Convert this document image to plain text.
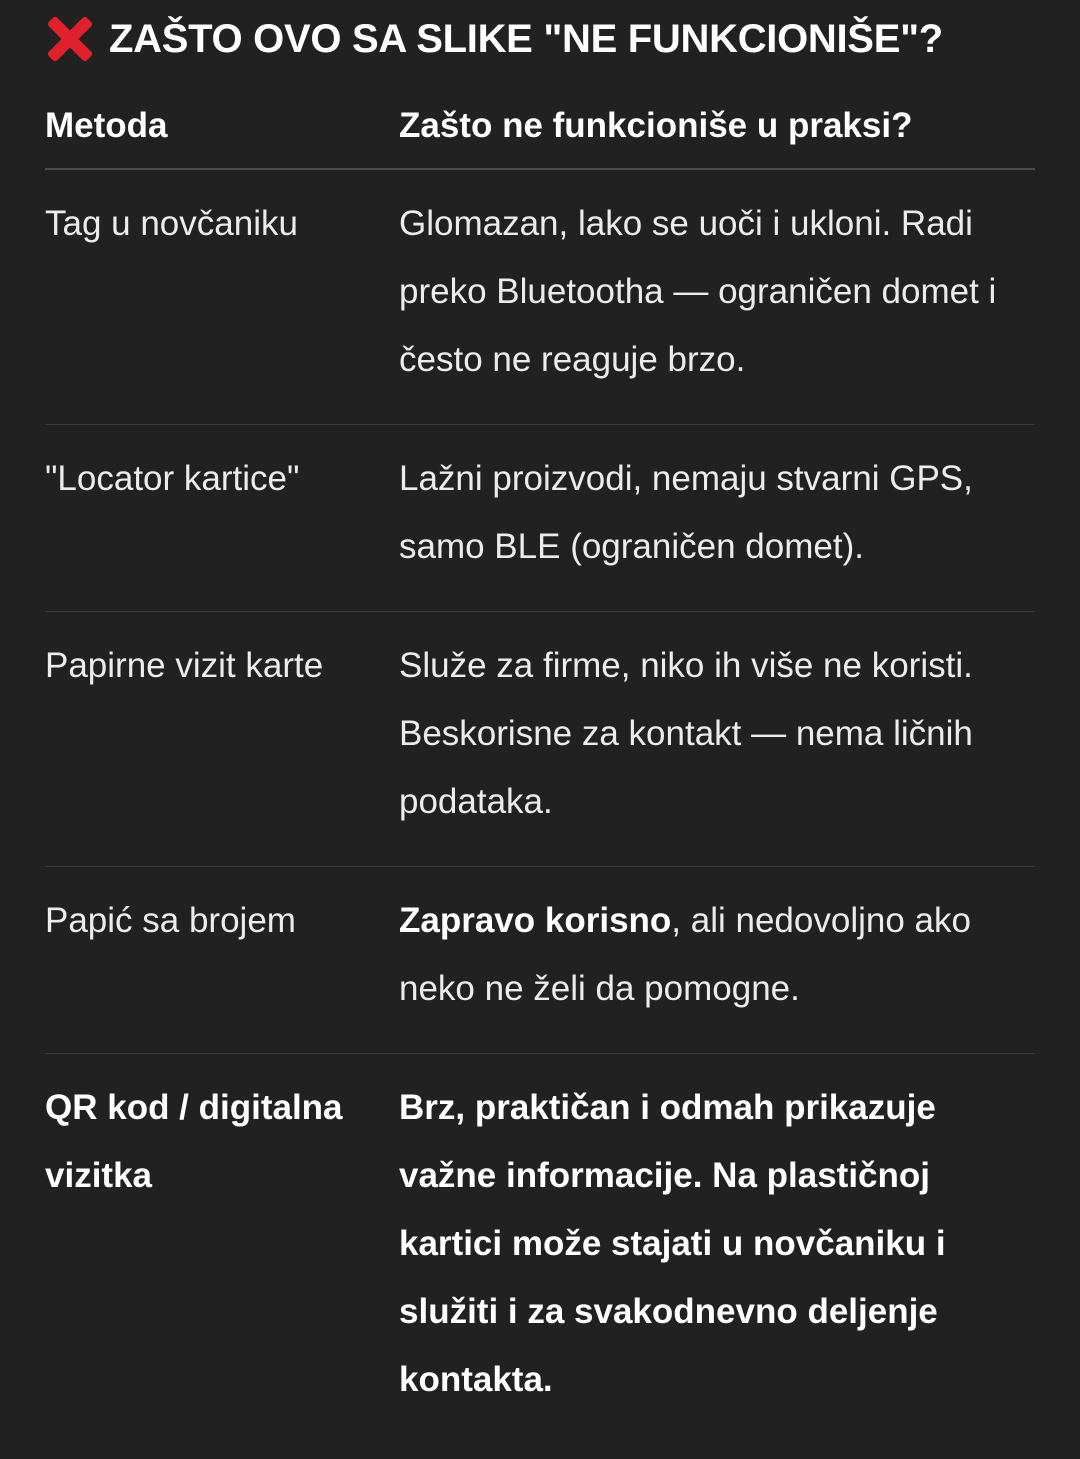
ZAŠTO OVO SA SLIKE "NE FUNKCIONIŠE"?
Metoda	Zašto ne funkcioniše u praksi?
Tag u novčaniku	Glomazan, lako se uoči i ukloni. Radi preko Bluetootha — ograničen domet i često ne reaguje brzo.
"Locator kartice"	Lažni proizvodi, nemaju stvarni GPS, samo BLE (ograničen domet).
Papirne vizit karte	Služe za firme, niko ih više ne koristi. Beskorisne za kontakt — nema ličnih podataka.
Papić sa brojem	Zapravo korisno, ali nedovoljno ako neko ne želi da pomogne.
QR kod / digitalna vizitka	Brz, praktičan i odmah prikazuje važne informacije. Na plastičnoj kartici može stajati u novčaniku i služiti i za svakodnevno deljenje kontakta.
